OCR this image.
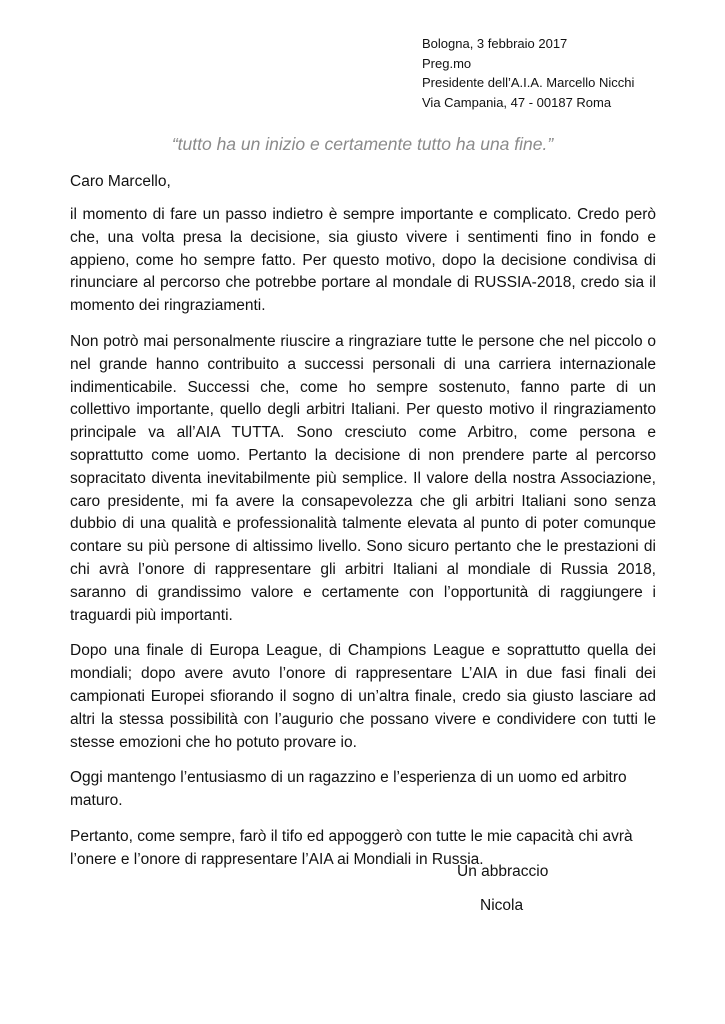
Bologna, 3 febbraio 2017
Preg.mo
Presidente dell’A.I.A. Marcello Nicchi
Via Campania, 47 - 00187 Roma
“tutto ha un inizio e certamente tutto ha una fine.”
Caro Marcello,

il momento di fare un passo indietro è sempre importante e complicato. Credo però che, una volta presa la decisione, sia giusto vivere i sentimenti fino in fondo e appieno, come ho sempre fatto. Per questo motivo, dopo la decisione condivisa di rinunciare al percorso che potrebbe portare al mondale di RUSSIA-2018, credo sia il momento dei ringraziamenti.

Non potrò mai personalmente riuscire a ringraziare tutte le persone che nel piccolo o nel grande hanno contribuito a successi personali di una carriera internazionale indimenticabile. Successi che, come ho sempre sostenuto, fanno parte di un collettivo importante, quello degli arbitri Italiani. Per questo motivo il ringraziamento principale va all’AIA TUTTA. Sono cresciuto come Arbitro, come persona e soprattutto come uomo. Pertanto la decisione di non prendere parte al percorso sopracitato diventa inevitabilmente più semplice. Il valore della nostra Associazione, caro presidente, mi fa avere la consapevolezza che gli arbitri Italiani sono senza dubbio di una qualità e professionalità talmente elevata al punto di poter comunque contare su più persone di altissimo livello. Sono sicuro pertanto che le prestazioni di chi avrà l’onore di rappresentare gli arbitri Italiani al mondiale di Russia 2018, saranno di grandissimo valore e certamente con l’opportunità di raggiungere i traguardi più importanti.

Dopo una finale di Europa League, di Champions League e soprattutto quella dei mondiali; dopo avere avuto l’onore di rappresentare L’AIA in due fasi finali dei campionati Europei sfiorando il sogno di un’altra finale, credo sia giusto lasciare ad altri la stessa possibilità con l’augurio che possano vivere e condividere con tutti le stesse emozioni che ho potuto provare io.

Oggi mantengo l’entusiasmo di un ragazzino e l’esperienza di un uomo ed arbitro maturo.

Pertanto, come sempre, farò il tifo ed appoggerò con tutte le mie capacità chi avrà l’onere e l’onore di rappresentare l’AIA ai Mondiali in Russia.

Un abbraccio
Nicola
